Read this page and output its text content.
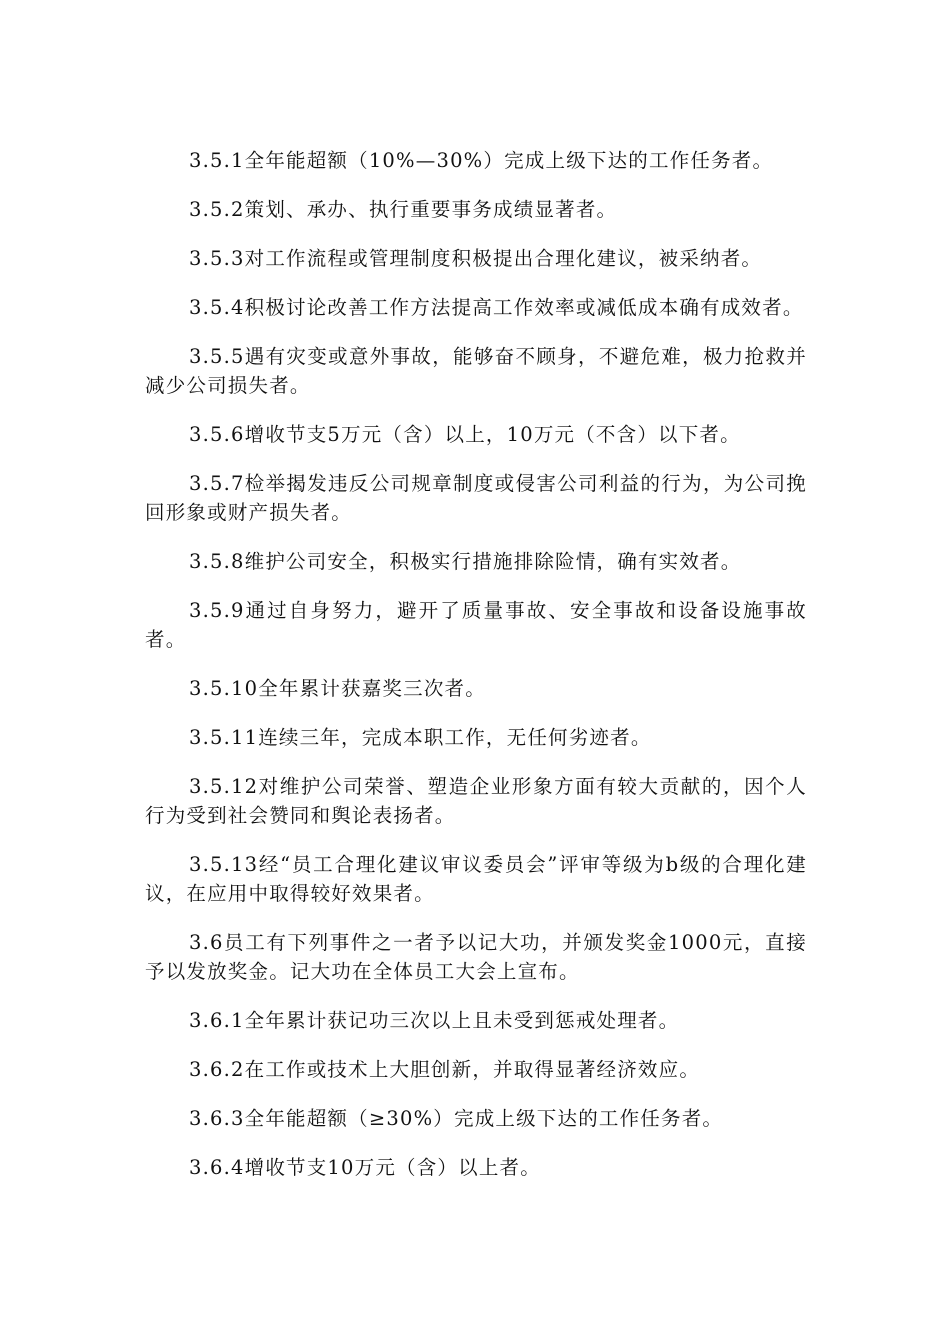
3.5.1全年能超额（10%—30%）完成上级下达的工作任务者。

3.5.2策划、承办、执行重要事务成绩显著者。

3.5.3对工作流程或管理制度积极提出合理化建议，被采纳者。

3.5.4积极讨论改善工作方法提高工作效率或减低成本确有成效者。

3.5.5遇有灾变或意外事故，能够奋不顾身，不避危难，极力抢救并减少公司损失者。

3.5.6增收节支5万元（含）以上，10万元（不含）以下者。

3.5.7检举揭发违反公司规章制度或侵害公司利益的行为，为公司挽回形象或财产损失者。

3.5.8维护公司安全，积极实行措施排除险情，确有实效者。

3.5.9通过自身努力，避开了质量事故、安全事故和设备设施事故者。

3.5.10全年累计获嘉奖三次者。

3.5.11连续三年，完成本职工作，无任何劣迹者。

3.5.12对维护公司荣誉、塑造企业形象方面有较大贡献的，因个人行为受到社会赞同和舆论表扬者。

3.5.13经“员工合理化建议审议委员会”评审等级为b级的合理化建议，在应用中取得较好效果者。

3.6员工有下列事件之一者予以记大功，并颁发奖金1000元，直接予以发放奖金。记大功在全体员工大会上宣布。

3.6.1全年累计获记功三次以上且未受到惩戒处理者。

3.6.2在工作或技术上大胆创新，并取得显著经济效应。

3.6.3全年能超额（≥30%）完成上级下达的工作任务者。

3.6.4增收节支10万元（含）以上者。
